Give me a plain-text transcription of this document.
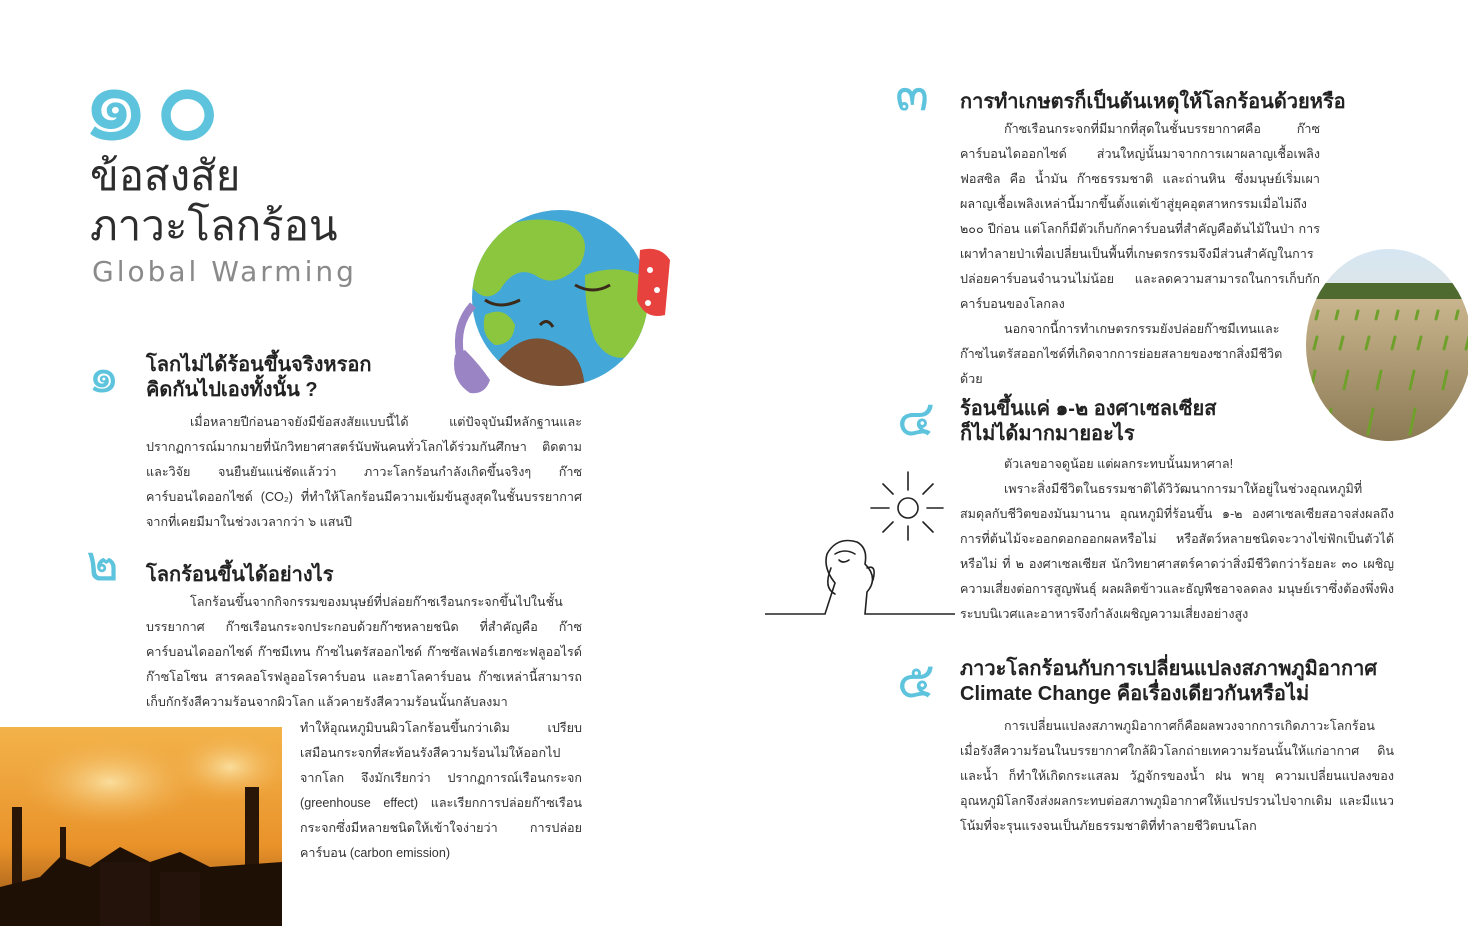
๑๐
ข้อสงสัย
ภาวะโลกร้อน
Global Warming
๑ โลกไม่ได้ร้อนขึ้นจริงหรอก
คิดกันไปเองทั้งนั้น ?
เมื่อหลายปีก่อนอาจยังมีข้อสงสัยแบบนี้ได้ แต่ปัจจุบันมีหลักฐานและปรากฏการณ์มากมายที่นักวิทยาศาสตร์นับพันคนทั่วโลกได้ร่วมกันศึกษา ติดตาม และวิจัย จนยืนยันแน่ชัดแล้วว่า ภาวะโลกร้อนกำลังเกิดขึ้นจริงๆ ก๊าซคาร์บอนไดออกไซด์ (CO₂) ที่ทำให้โลกร้อนมีความเข้มข้นสูงสุดในชั้นบรรยากาศจากที่เคยมีมาในช่วงเวลากว่า ๖ แสนปี
๒ โลกร้อนขึ้นได้อย่างไร
โลกร้อนขึ้นจากกิจกรรมของมนุษย์ที่ปล่อยก๊าซเรือนกระจกขึ้นไปในชั้นบรรยากาศ ก๊าซเรือนกระจกประกอบด้วยก๊าซหลายชนิด ที่สำคัญคือ ก๊าซคาร์บอนไดออกไซด์ ก๊าซมีเทน ก๊าซไนตรัสออกไซด์ ก๊าซซัลเฟอร์เฮกซะฟลูออไรด์ ก๊าซโอโซน สารคลอโรฟลูออโรคาร์บอน และฮาโลคาร์บอน ก๊าซเหล่านี้สามารถเก็บกักรังสีความร้อนจากผิวโลก แล้วคายรังสีความร้อนนั้นกลับลงมา
ทำให้อุณหภูมิบนผิวโลกร้อนขึ้นกว่าเดิม เปรียบเสมือนกระจกที่สะท้อนรังสีความร้อนไม่ให้ออกไปจากโลก จึงมักเรียกว่า ปรากฏการณ์เรือนกระจก (greenhouse effect) และเรียกการปล่อยก๊าซเรือนกระจกซึ่งมีหลายชนิดให้เข้าใจง่ายว่า การปล่อยคาร์บอน (carbon emission)
๓ การทำเกษตรก็เป็นต้นเหตุให้โลกร้อนด้วยหรือ
ก๊าซเรือนกระจกที่มีมากที่สุดในชั้นบรรยากาศคือ ก๊าซคาร์บอนไดออกไซด์ ส่วนใหญ่นั้นมาจากการเผาผลาญเชื้อเพลิงฟอสซิล คือ น้ำมัน ก๊าซธรรมชาติ และถ่านหิน ซึ่งมนุษย์เริ่มเผาผลาญเชื้อเพลิงเหล่านี้มากขึ้นตั้งแต่เข้าสู่ยุคอุตสาหกรรมเมื่อไม่ถึง ๒๐๐ ปีก่อน แต่โลกก็มีตัวเก็บกักคาร์บอนที่สำคัญคือต้นไม้ในป่า การเผาทำลายป่าเพื่อเปลี่ยนเป็นพื้นที่เกษตรกรรมจึงมีส่วนสำคัญในการปล่อยคาร์บอนจำนวนไม่น้อย และลดความสามารถในการเก็บกักคาร์บอนของโลกลง
นอกจากนี้การทำเกษตรกรรมยังปล่อยก๊าซมีเทนและก๊าซไนตรัสออกไซด์ที่เกิดจากการย่อยสลายของซากสิ่งมีชีวิตด้วย
๔ ร้อนขึ้นแค่ ๑-๒ องศาเซลเซียส
ก็ไม่ได้มากมายอะไร
ตัวเลขอาจดูน้อย แต่ผลกระทบนั้นมหาศาล!
เพราะสิ่งมีชีวิตในธรรมชาติได้วิวัฒนาการมาให้อยู่ในช่วงอุณหภูมิที่สมดุลกับชีวิตของมันมานาน อุณหภูมิที่ร้อนขึ้น ๑-๒ องศาเซลเซียสอาจส่งผลถึงการที่ต้นไม้จะออกดอกออกผลหรือไม่ หรือสัตว์หลายชนิดจะวางไข่ฟักเป็นตัวได้หรือไม่ ที่ ๒ องศาเซลเซียส นักวิทยาศาสตร์คาดว่าสิ่งมีชีวิตกว่าร้อยละ ๓๐ เผชิญความเสี่ยงต่อการสูญพันธุ์ ผลผลิตข้าวและธัญพืชอาจลดลง มนุษย์เราซึ่งต้องพึ่งพิงระบบนิเวศและอาหารจึงกำลังเผชิญความเสี่ยงอย่างสูง
๕ ภาวะโลกร้อนกับการเปลี่ยนแปลงสภาพภูมิอากาศ
Climate Change คือเรื่องเดียวกันหรือไม่
การเปลี่ยนแปลงสภาพภูมิอากาศก็คือผลพวงจากการเกิดภาวะโลกร้อน เมื่อรังสีความร้อนในบรรยากาศใกล้ผิวโลกถ่ายเทความร้อนนั้นให้แก่อากาศ ดิน และน้ำ ก็ทำให้เกิดกระแสลม วัฏจักรของน้ำ ฝน พายุ ความเปลี่ยนแปลงของอุณหภูมิโลกจึงส่งผลกระทบต่อสภาพภูมิอากาศให้แปรปรวนไปจากเดิม และมีแนวโน้มที่จะรุนแรงจนเป็นภัยธรรมชาติที่ทำลายชีวิตบนโลก
